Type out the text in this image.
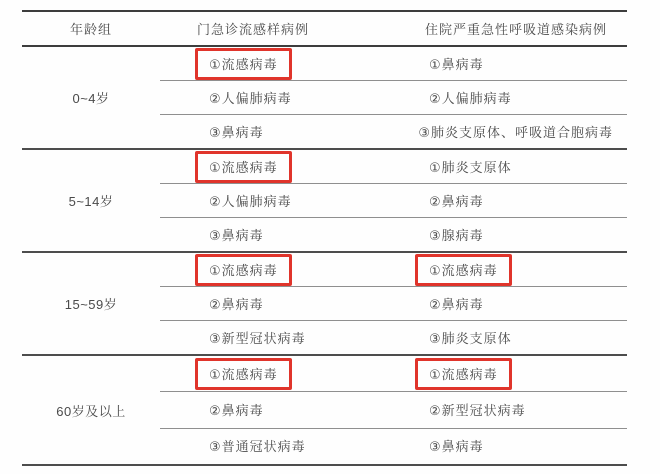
年龄组	门急诊流感样病例	住院严重急性呼吸道感染病例
0~4岁
①流感病毒	①鼻病毒
②人偏肺病毒	②人偏肺病毒
③鼻病毒	③肺炎支原体、呼吸道合胞病毒
5~14岁
①流感病毒	①肺炎支原体
②人偏肺病毒	②鼻病毒
③鼻病毒	③腺病毒
15~59岁
①流感病毒	①流感病毒
②鼻病毒	②鼻病毒
③新型冠状病毒	③肺炎支原体
60岁及以上
①流感病毒	①流感病毒
②鼻病毒	②新型冠状病毒
③普通冠状病毒	③鼻病毒
